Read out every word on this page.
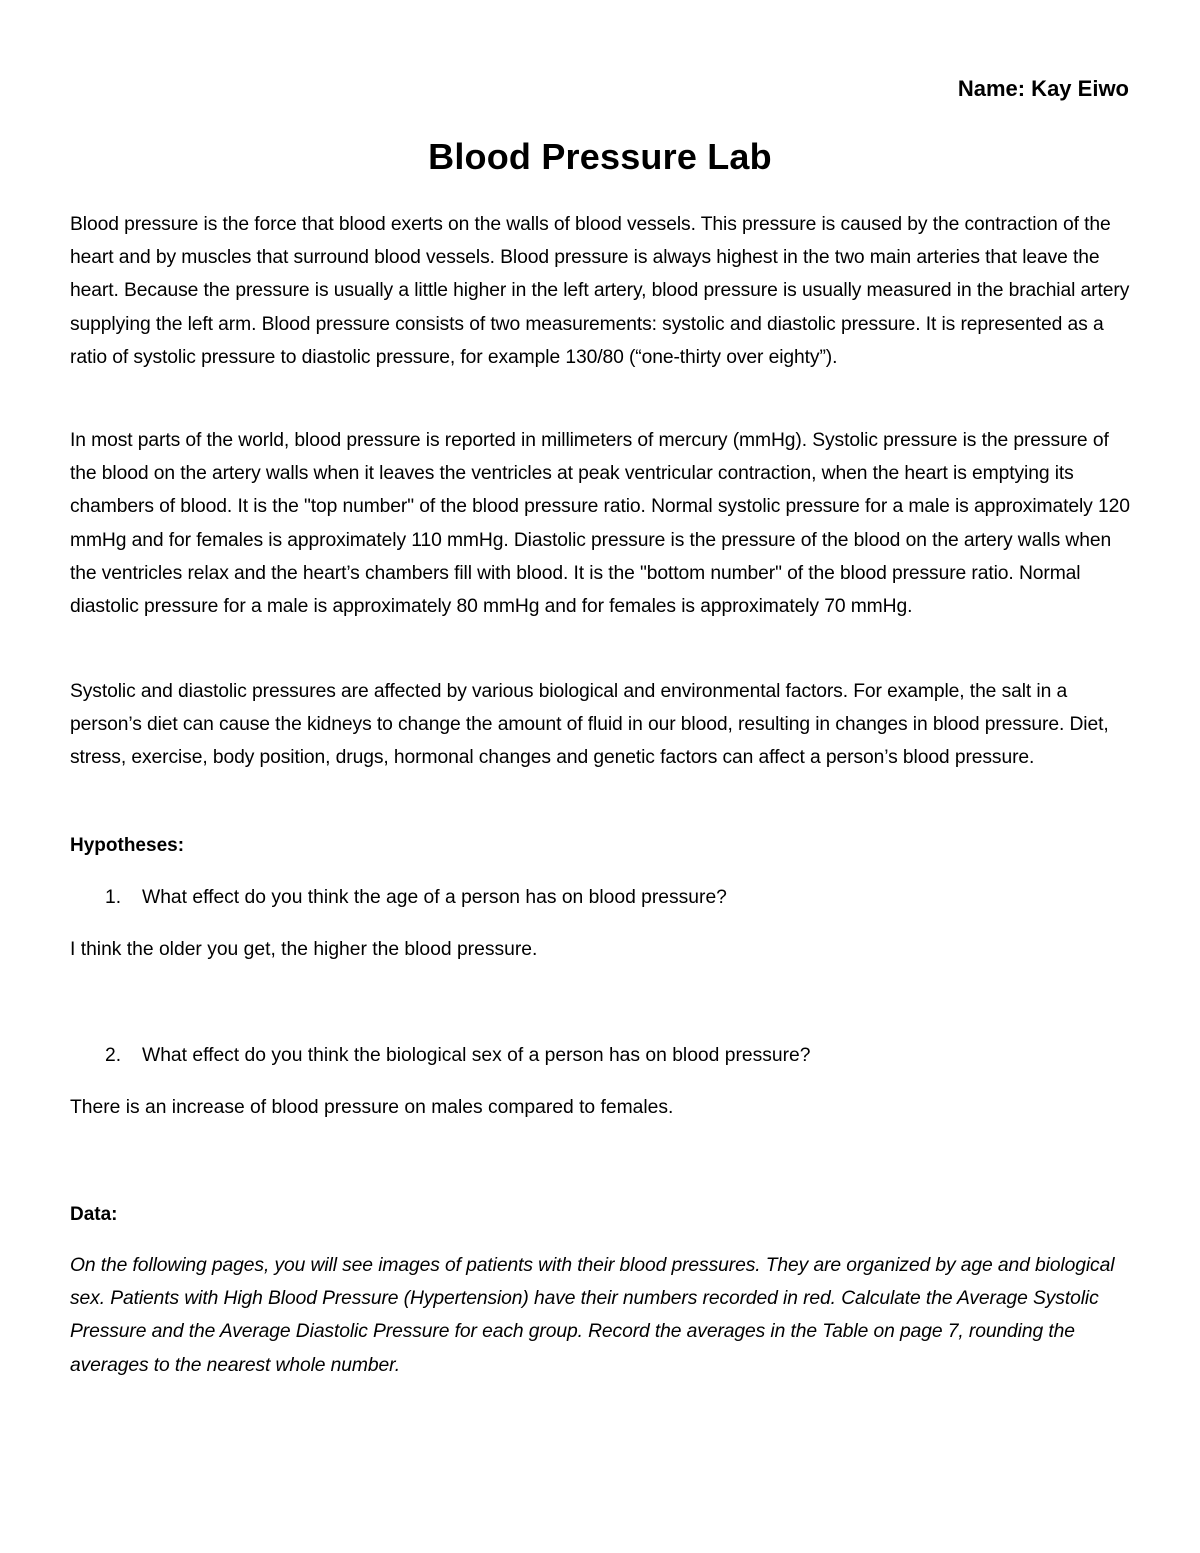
Name: Kay Eiwo
Blood Pressure Lab

Blood pressure is the force that blood exerts on the walls of blood vessels. This pressure is caused by the contraction of the heart and by muscles that surround blood vessels. Blood pressure is always highest in the two main arteries that leave the heart. Because the pressure is usually a little higher in the left artery, blood pressure is usually measured in the brachial artery supplying the left arm. Blood pressure consists of two measurements: systolic and diastolic pressure. It is represented as a ratio of systolic pressure to diastolic pressure, for example 130/80 (“one-thirty over eighty”).

In most parts of the world, blood pressure is reported in millimeters of mercury (mmHg). Systolic pressure is the pressure of the blood on the artery walls when it leaves the ventricles at peak ventricular contraction, when the heart is emptying its chambers of blood. It is the "top number" of the blood pressure ratio. Normal systolic pressure for a male is approximately 120 mmHg and for females is approximately 110 mmHg. Diastolic pressure is the pressure of the blood on the artery walls when the ventricles relax and the heart’s chambers fill with blood. It is the "bottom number" of the blood pressure ratio. Normal diastolic pressure for a male is approximately 80 mmHg and for females is approximately 70 mmHg.

Systolic and diastolic pressures are affected by various biological and environmental factors. For example, the salt in a person’s diet can cause the kidneys to change the amount of fluid in our blood, resulting in changes in blood pressure. Diet, stress, exercise, body position, drugs, hormonal changes and genetic factors can affect a person’s blood pressure.

Hypotheses:

1. What effect do you think the age of a person has on blood pressure?

I think the older you get, the higher the blood pressure.

2. What effect do you think the biological sex of a person has on blood pressure?

There is an increase of blood pressure on males compared to females.

Data:

On the following pages, you will see images of patients with their blood pressures. They are organized by age and biological sex. Patients with High Blood Pressure (Hypertension) have their numbers recorded in red. Calculate the Average Systolic Pressure and the Average Diastolic Pressure for each group. Record the averages in the Table on page 7, rounding the averages to the nearest whole number.
